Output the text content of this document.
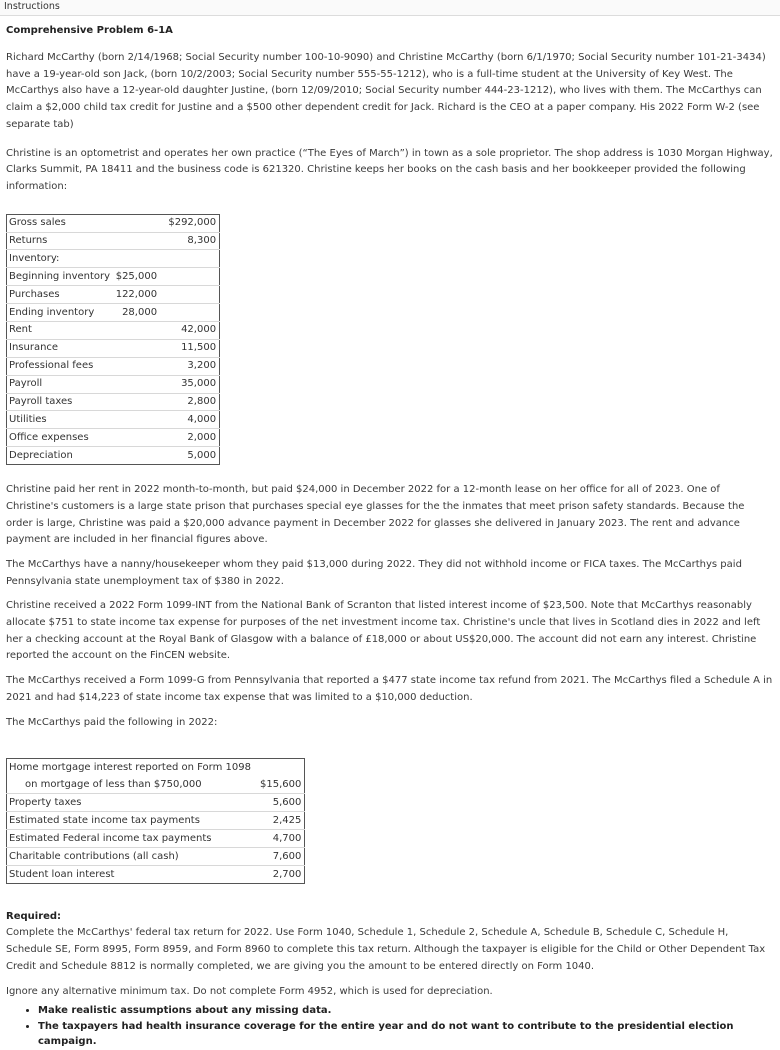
Instructions
Comprehensive Problem 6-1A

Richard McCarthy (born 2/14/1968; Social Security number 100-10-9090) and Christine McCarthy (born 6/1/1970; Social Security number 101-21-3434) have a 19-year-old son Jack, (born 10/2/2003; Social Security number 555-55-1212), who is a full-time student at the University of Key West. The McCarthys also have a 12-year-old daughter Justine, (born 12/09/2010; Social Security number 444-23-1212), who lives with them. The McCarthys can claim a $2,000 child tax credit for Justine and a $500 other dependent credit for Jack. Richard is the CEO at a paper company. His 2022 Form W-2 (see separate tab)

Christine is an optometrist and operates her own practice (“The Eyes of March”) in town as a sole proprietor. The shop address is 1030 Morgan Highway, Clarks Summit, PA 18411 and the business code is 621320. Christine keeps her books on the cash basis and her bookkeeper provided the following information:

Gross sales		$292,000
Returns		8,300
Inventory:		
Beginning inventory	$25,000	
Purchases	122,000	
Ending inventory	28,000	
Rent		42,000
Insurance		11,500
Professional fees		3,200
Payroll		35,000
Payroll taxes		2,800
Utilities		4,000
Office expenses		2,000
Depreciation		5,000

Christine paid her rent in 2022 month-to-month, but paid $24,000 in December 2022 for a 12-month lease on her office for all of 2023. One of Christine's customers is a large state prison that purchases special eye glasses for the the inmates that meet prison safety standards. Because the order is large, Christine was paid a $20,000 advance payment in December 2022 for glasses she delivered in January 2023. The rent and advance payment are included in her financial figures above.

The McCarthys have a nanny/housekeeper whom they paid $13,000 during 2022. They did not withhold income or FICA taxes. The McCarthys paid Pennsylvania state unemployment tax of $380 in 2022.

Christine received a 2022 Form 1099-INT from the National Bank of Scranton that listed interest income of $23,500. Note that McCarthys reasonably allocate $751 to state income tax expense for purposes of the net investment income tax. Christine's uncle that lives in Scotland dies in 2022 and left her a checking account at the Royal Bank of Glasgow with a balance of £18,000 or about US$20,000. The account did not earn any interest. Christine reported the account on the FinCEN website.

The McCarthys received a Form 1099-G from Pennsylvania that reported a $477 state income tax refund from 2021. The McCarthys filed a Schedule A in 2021 and had $14,223 of state income tax expense that was limited to a $10,000 deduction.

The McCarthys paid the following in 2022:

Home mortgage interest reported on Form 1098	
on mortgage of less than $750,000	$15,600
Property taxes	5,600
Estimated state income tax payments	2,425
Estimated Federal income tax payments	4,700
Charitable contributions (all cash)	7,600
Student loan interest	2,700
Required:

Complete the McCarthys' federal tax return for 2022. Use Form 1040, Schedule 1, Schedule 2, Schedule A, Schedule B, Schedule C, Schedule H, Schedule SE, Form 8995, Form 8959, and Form 8960 to complete this tax return. Although the taxpayer is eligible for the Child or Other Dependent Tax Credit and Schedule 8812 is normally completed, we are giving you the amount to be entered directly on Form 1040.

Ignore any alternative minimum tax. Do not complete Form 4952, which is used for depreciation.

• Make realistic assumptions about any missing data.
• The taxpayers had health insurance coverage for the entire year and do not want to contribute to the presidential election campaign.
